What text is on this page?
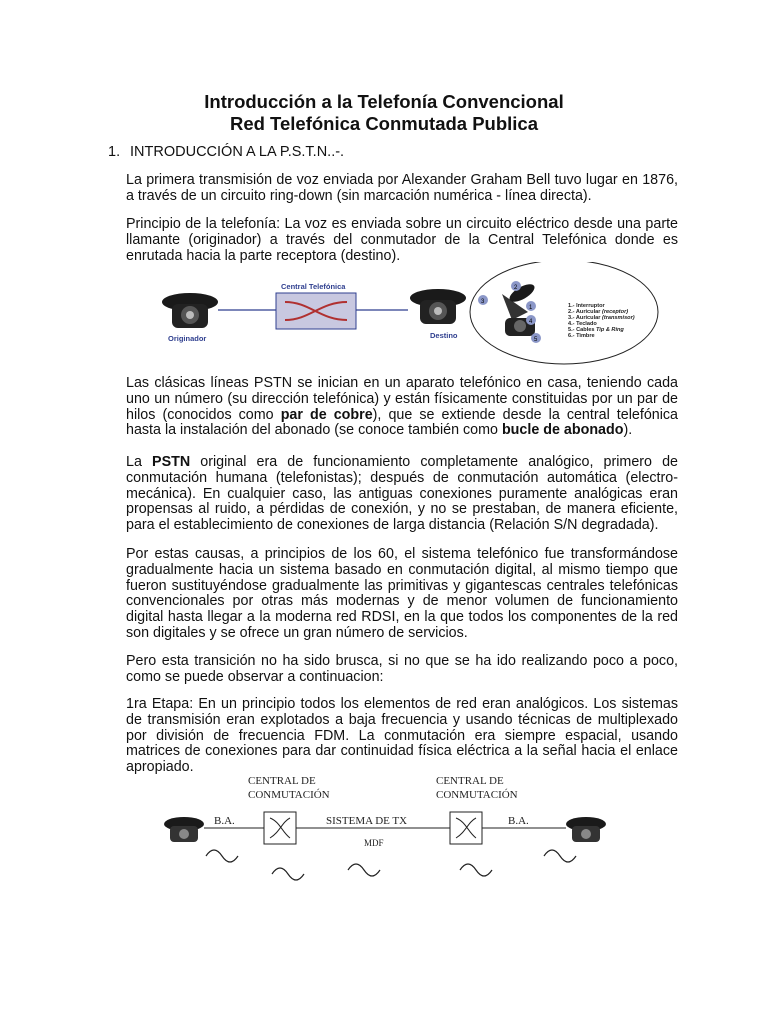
Introducción a la Telefonía Convencional
Red Telefónica Conmutada Publica
1. INTRODUCCIÓN A LA P.S.T.N..-.

La primera transmisión de voz enviada por Alexander Graham Bell tuvo lugar en 1876, a través de un circuito ring-down (sin marcación numérica - línea directa).

Principio de la telefonía: La voz es enviada sobre un circuito eléctrico desde una parte llamante (originador) a través del conmutador de la Central Telefónica donde es enrutada hacia la parte receptora (destino).

Originador
Central Telefónica
Destino
1
2
3
4
5
1.- Interruptor
2.- Auricular (receptor)
3.- Auricular (transmisor)
4.- Teclado
5.- Cables Tip & Ring
6.- Timbre

Las clásicas líneas PSTN se inician en un aparato telefónico en casa, teniendo cada uno un número (su dirección telefónica) y están físicamente constituidas por un par de hilos (conocidos como par de cobre), que se extiende desde la central telefónica hasta la instalación del abonado (se conoce también como bucle de abonado).

La PSTN original era de funcionamiento completamente analógico, primero de conmutación humana (telefonistas); después de conmutación automática (electro-mecánica). En cualquier caso, las antiguas conexiones puramente analógicas eran propensas al ruido, a pérdidas de conexión, y no se prestaban, de manera eficiente, para el establecimiento de conexiones de larga distancia (Relación S/N degradada).

Por estas causas, a principios de los 60, el sistema telefónico fue transformándose gradualmente hacia un sistema basado en conmutación digital, al mismo tiempo que fueron sustituyéndose gradualmente las primitivas y gigantescas centrales telefónicas convencionales por otras más modernas y de menor volumen de funcionamiento digital hasta llegar a la moderna red RDSI, en la que todos los componentes de la red son digitales y se ofrece un gran número de servicios.

Pero esta transición no ha sido brusca, si no que se ha ido realizando poco a poco, como se puede observar a continuacion:

1ra Etapa: En un principio todos los elementos de red eran analógicos. Los sistemas de transmisión eran explotados a baja frecuencia y usando técnicas de multiplexado por división de frecuencia FDM. La conmutación era siempre espacial, usando matrices de conexiones para dar continuidad física eléctrica a la señal hacia el enlace apropiado.

CENTRAL DE
CONMUTACIÓN
CENTRAL DE
CONMUTACIÓN
B.A.	B.A.
SISTEMA DE TX
MDF
